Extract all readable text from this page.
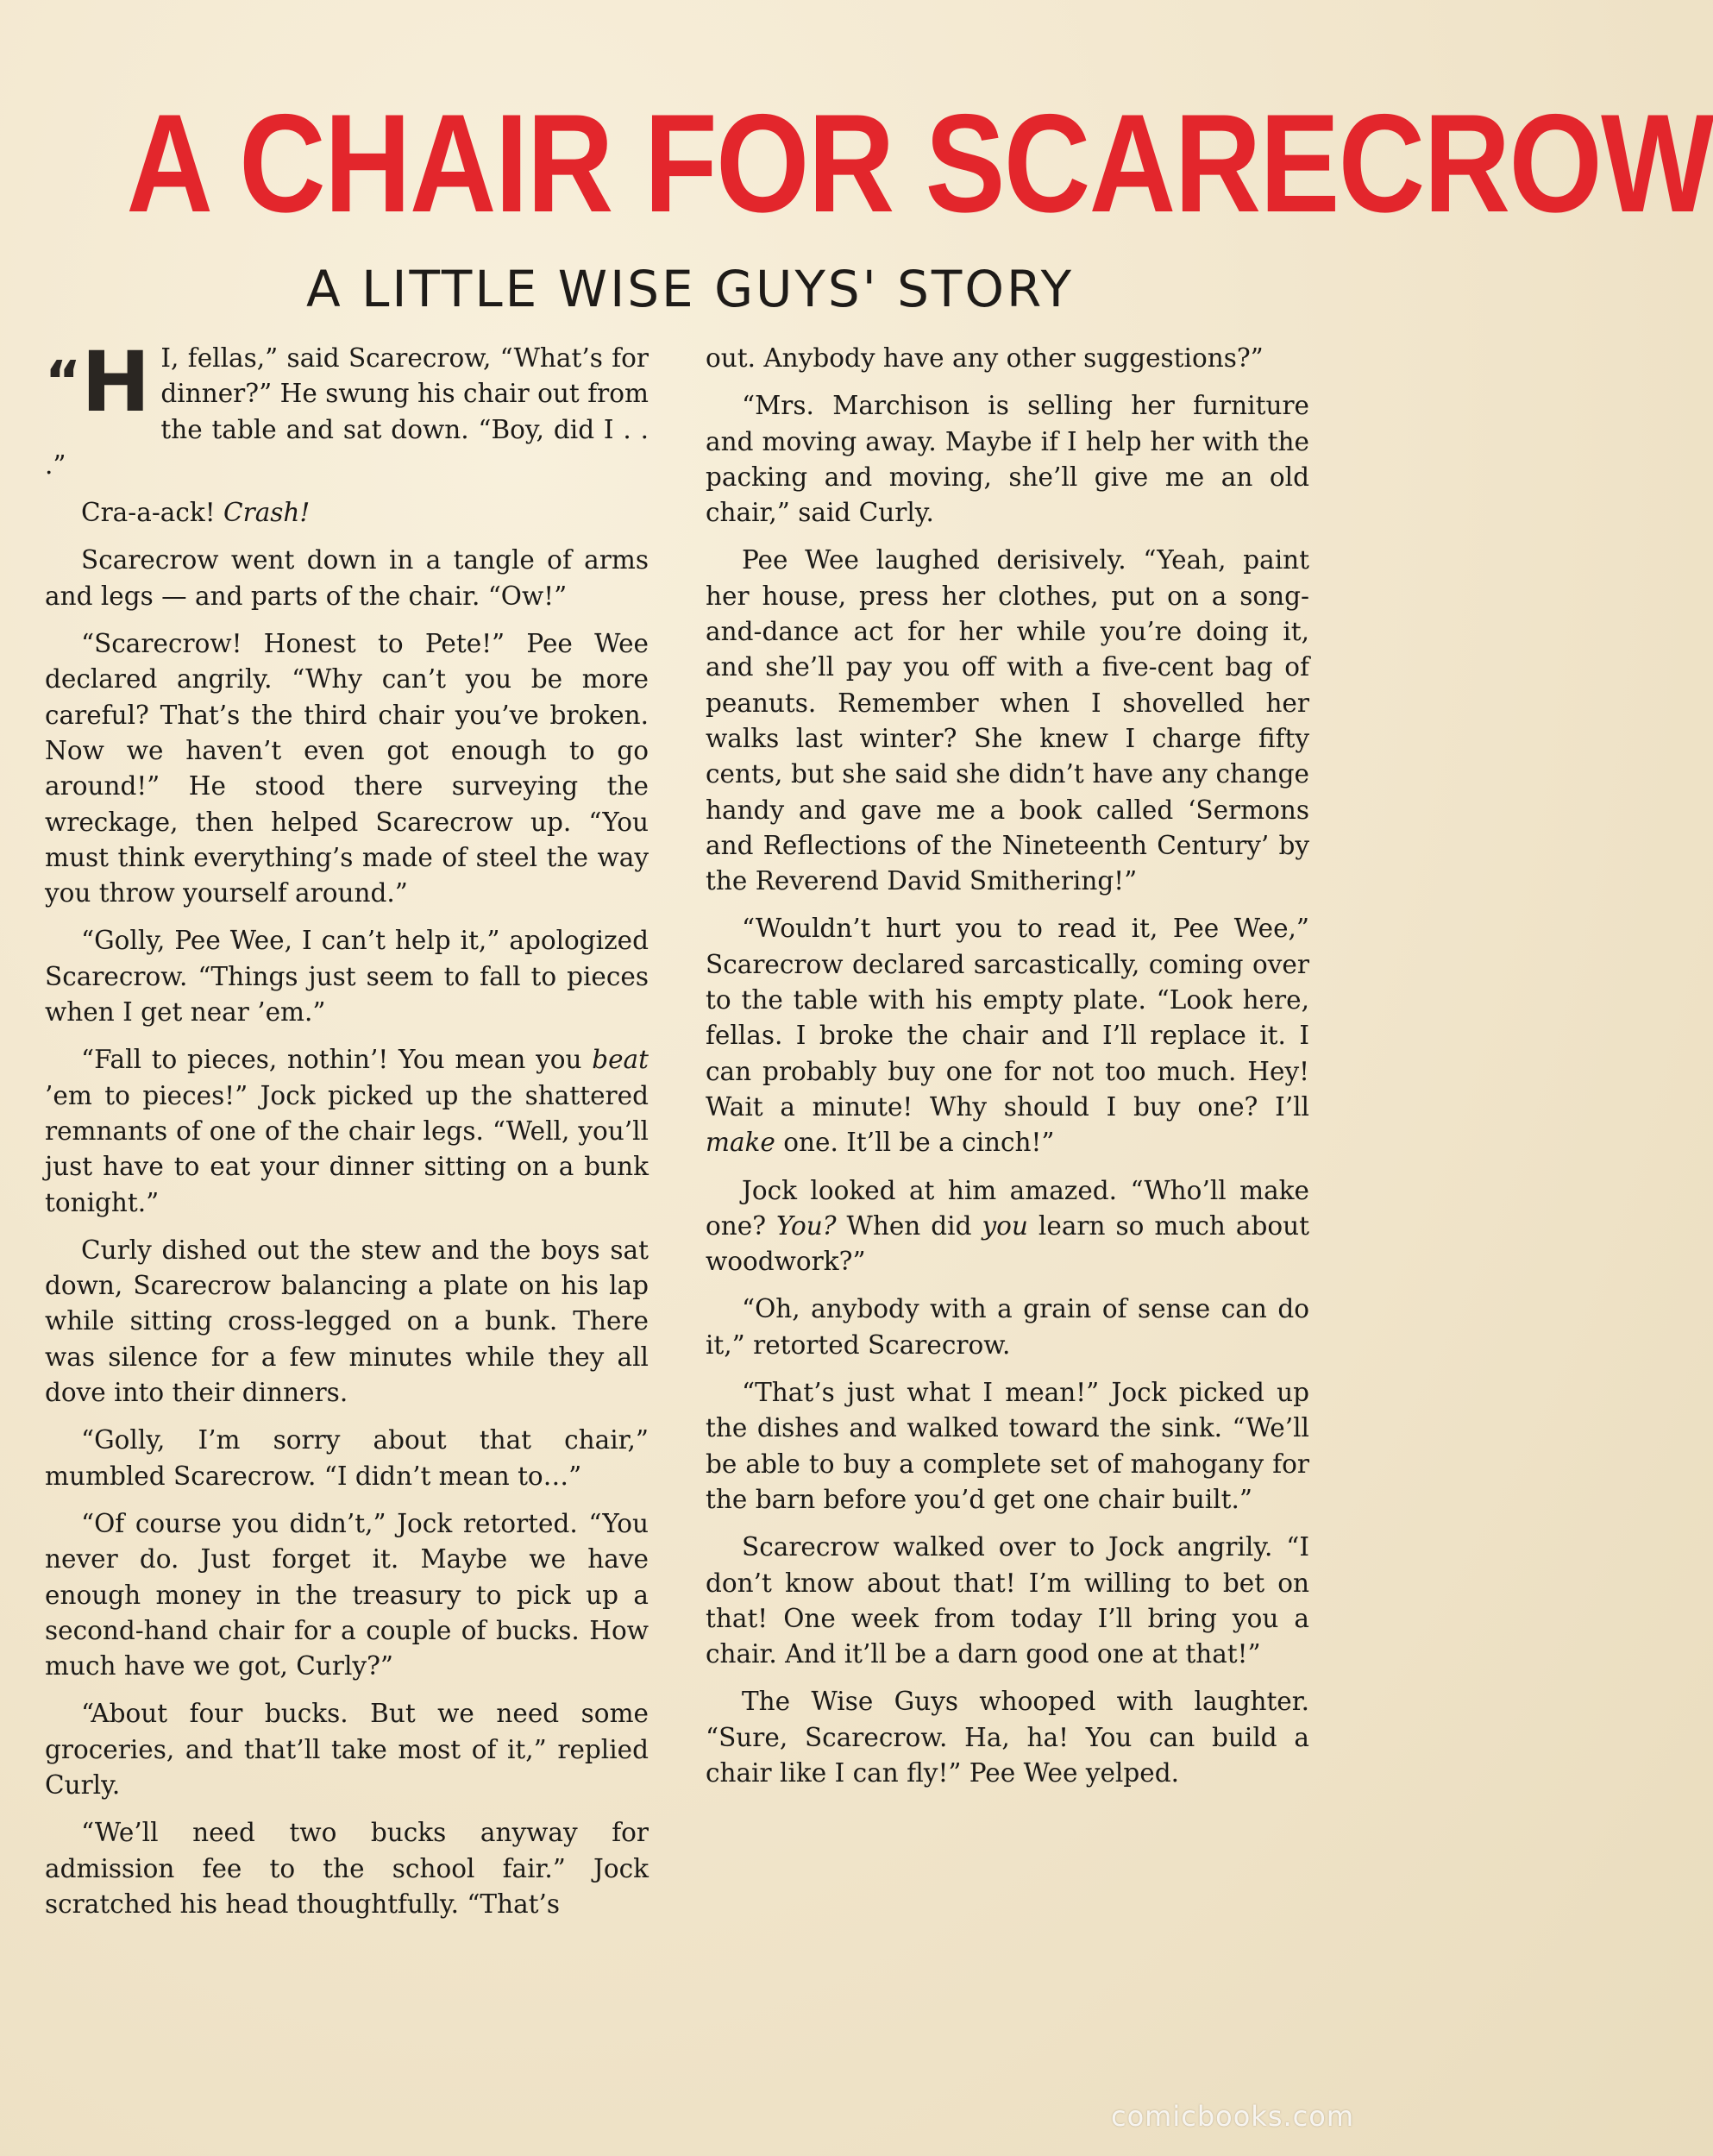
A CHAIR FOR SCARECROW
A LITTLE WISE GUYS' STORY

“H I, fellas,” said Scarecrow, “What’s for dinner?” He swung his chair out from the table and sat down. “Boy, did I . . .”

Cra-a-ack! Crash!

Scarecrow went down in a tangle of arms and legs — and parts of the chair. “Ow!”

“Scarecrow! Honest to Pete!” Pee Wee declared angrily. “Why can’t you be more careful? That’s the third chair you’ve broken. Now we haven’t even got enough to go around!” He stood there surveying the wreckage, then helped Scarecrow up. “You must think everything’s made of steel the way you throw yourself around.”

“Golly, Pee Wee, I can’t help it,” apologized Scarecrow. “Things just seem to fall to pieces when I get near ’em.”

“Fall to pieces, nothin’! You mean you beat ’em to pieces!” Jock picked up the shattered remnants of one of the chair legs. “Well, you’ll just have to eat your dinner sitting on a bunk tonight.”

Curly dished out the stew and the boys sat down, Scarecrow balancing a plate on his lap while sitting cross-legged on a bunk. There was silence for a few minutes while they all dove into their dinners.

“Golly, I’m sorry about that chair,” mumbled Scarecrow. “I didn’t mean to…”

“Of course you didn’t,” Jock retorted. “You never do. Just forget it. Maybe we have enough money in the treasury to pick up a second-hand chair for a couple of bucks. How much have we got, Curly?”

“About four bucks. But we need some groceries, and that’ll take most of it,” replied Curly.

“We’ll need two bucks anyway for admission fee to the school fair.” Jock scratched his head thoughtfully. “That’s

out. Anybody have any other suggestions?”

“Mrs. Marchison is selling her furniture and moving away. Maybe if I help her with the packing and moving, she’ll give me an old chair,” said Curly.

Pee Wee laughed derisively. “Yeah, paint her house, press her clothes, put on a song-and-dance act for her while you’re doing it, and she’ll pay you off with a five-cent bag of peanuts. Remember when I shovelled her walks last winter? She knew I charge fifty cents, but she said she didn’t have any change handy and gave me a book called ‘Sermons and Reflections of the Nineteenth Century’ by the Reverend David Smithering!”

“Wouldn’t hurt you to read it, Pee Wee,” Scarecrow declared sarcastically, coming over to the table with his empty plate. “Look here, fellas. I broke the chair and I’ll replace it. I can probably buy one for not too much. Hey! Wait a minute! Why should I buy one? I’ll make one. It’ll be a cinch!”

Jock looked at him amazed. “Who’ll make one? You? When did you learn so much about woodwork?”

“Oh, anybody with a grain of sense can do it,” retorted Scarecrow.

“That’s just what I mean!” Jock picked up the dishes and walked toward the sink. “We’ll be able to buy a complete set of mahogany for the barn before you’d get one chair built.”

Scarecrow walked over to Jock angrily. “I don’t know about that! I’m willing to bet on that! One week from today I’ll bring you a chair. And it’ll be a darn good one at that!”

The Wise Guys whooped with laughter. “Sure, Scarecrow. Ha, ha! You can build a chair like I can fly!” Pee Wee yelped.

comicbooks.com
